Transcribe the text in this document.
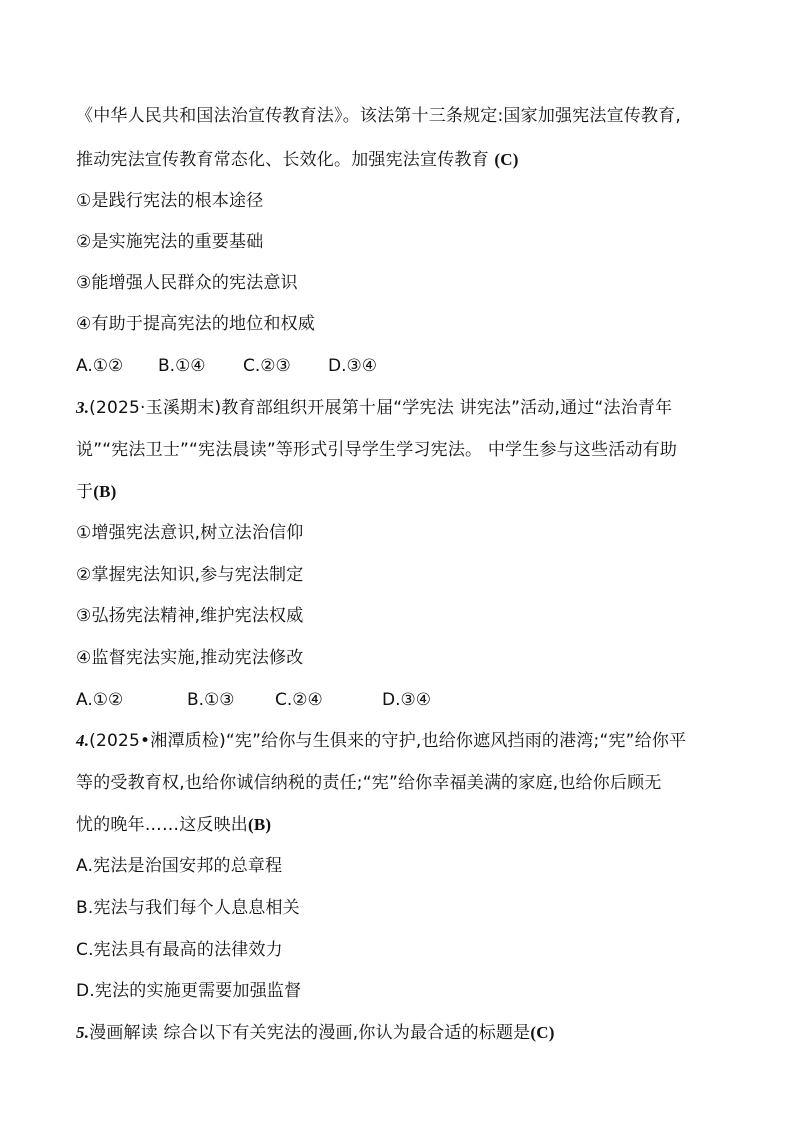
《中华人民共和国法治宣传教育法》。该法第十三条规定:国家加强宪法宣传教育,
推动宪法宣传教育常态化、长效化。加强宪法宣传教育 (C)
①是践行宪法的根本途径
②是实施宪法的重要基础
③能增强人民群众的宪法意识
④有助于提高宪法的地位和权威
A.①② B.①④ C.②③ D.③④
3.(2025·玉溪期末)教育部组织开展第十届“学宪法 讲宪法”活动,通过“法治青年
说”“宪法卫士”“宪法晨读”等形式引导学生学习宪法。 中学生参与这些活动有助
于(B)
①增强宪法意识,树立法治信仰
②掌握宪法知识,参与宪法制定
③弘扬宪法精神,维护宪法权威
④监督宪法实施,推动宪法修改
A.①②	B.①③ C.②④	D.③④
4.(2025•湘潭质检)“宪”给你与生俱来的守护,也给你遮风挡雨的港湾;“宪”给你平
等的受教育权,也给你诚信纳税的责任;“宪”给你幸福美满的家庭,也给你后顾无
忧的晚年……这反映出(B)
A.宪法是治国安邦的总章程
B.宪法与我们每个人息息相关
C.宪法具有最高的法律效力
D.宪法的实施更需要加强监督
5.漫画解读 综合以下有关宪法的漫画,你认为最合适的标题是(C)
